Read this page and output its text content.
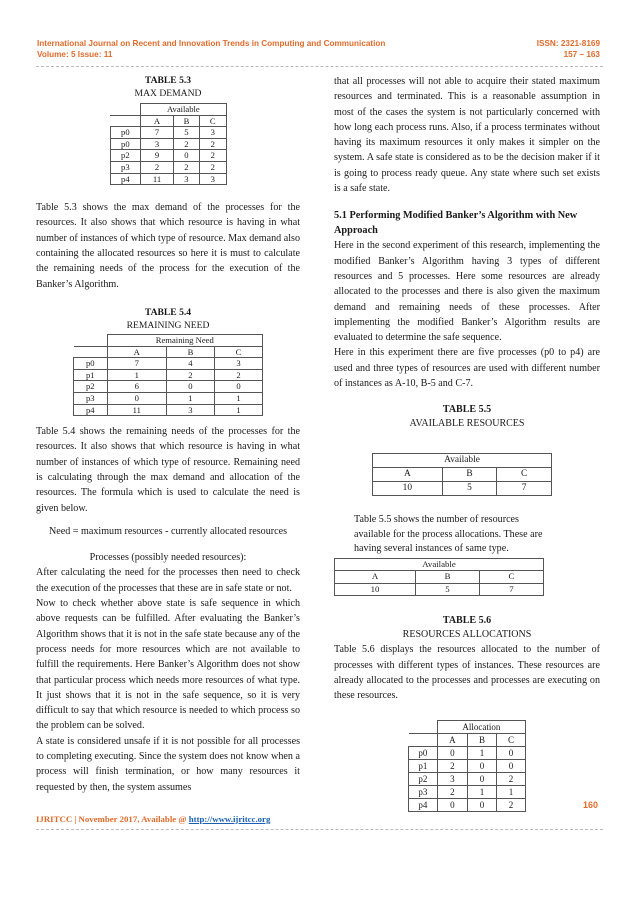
International Journal on Recent and Innovation Trends in Computing and Communication
Volume: 5 Issue: 11
ISSN: 2321-8169
157 – 163
TABLE 5.3
MAX DEMAND
	Available		
	A	B	C
p0	7	5	3
p0	3	2	2
p2	9	0	2
p3	2	2	2
p4	11	3	3

Table 5.3 shows the max demand of the processes for the resources. It also shows that which resource is having in what number of instances of which type of resource. Max demand also containing the allocated resources so here it is must to calculate the remaining needs of the process for the execution of the Banker’s Algorithm.

TABLE 5.4
REMAINING NEED
	Remaining Need		
	A	B	C
p0	7	4	3
p1	1	2	2
p2	6	0	0
p3	0	1	1
p4	11	3	1

Table 5.4 shows the remaining needs of the processes for the resources. It also shows that which resource is having in what number of instances of which type of resource. Remaining need is calculating through the max demand and allocation of the resources. The formula which is used to calculate the need is given below.

Need = maximum resources - currently allocated resources

Processes (possibly needed resources):

After calculating the need for the processes then need to check the execution of the processes that these are in safe state or not.

Now to check whether above state is safe sequence in which above requests can be fulfilled. After evaluating the Banker’s Algorithm shows that it is not in the safe state because any of the process needs for more resources which are not available to fulfill the requirements. Here Banker’s Algorithm does not show that particular process which needs more resources of what type. It just shows that it is not in the safe sequence, so it is very difficult to say that which resource is needed to which process so the problem can be solved.

A state is considered unsafe if it is not possible for all processes to completing executing. Since the system does not know when a process will finish termination, or how many resources it requested by then, the system assumes

that all processes will not able to acquire their stated maximum resources and terminated. This is a reasonable assumption in most of the cases the system is not particularly concerned with how long each process runs. Also, if a process terminates without having its maximum resources it only makes it simpler on the system. A safe state is considered as to be the decision maker if it is going to process ready queue. Any state where such set exists is a safe state.

5.1 Performing Modified Banker’s Algorithm with New Approach

Here in the second experiment of this research, implementing the modified Banker’s Algorithm having 3 types of different resources and 5 processes. Here some resources are already allocated to the processes and there is also given the maximum demand and remaining needs of these processes. After implementing the modified Banker’s Algorithm results are evaluated to determine the safe sequence.

Here in this experiment there are five processes (p0 to p4) are used and three types of resources are used with different number of instances as A-10, B-5 and C-7.

TABLE 5.5
AVAILABLE RESOURCES
Available		
A	B	C
10	5	7

Table 5.5 shows the number of resources available for the process allocations. These are having several instances of same type.

Available		
A	B	C
10	5	7
TABLE 5.6
RESOURCES ALLOCATIONS

Table 5.6 displays the resources allocated to the number of processes with different types of instances. These resources are already allocated to the processes and processes are executing on these resources.

	Allocation		
	A	B	C
p0	0	1	0
p1	2	0	0
p2	3	0	2
p3	2	1	1
p4	0	0	2	160
IJRITCC | November 2017, Available @ http://www.ijritcc.org
